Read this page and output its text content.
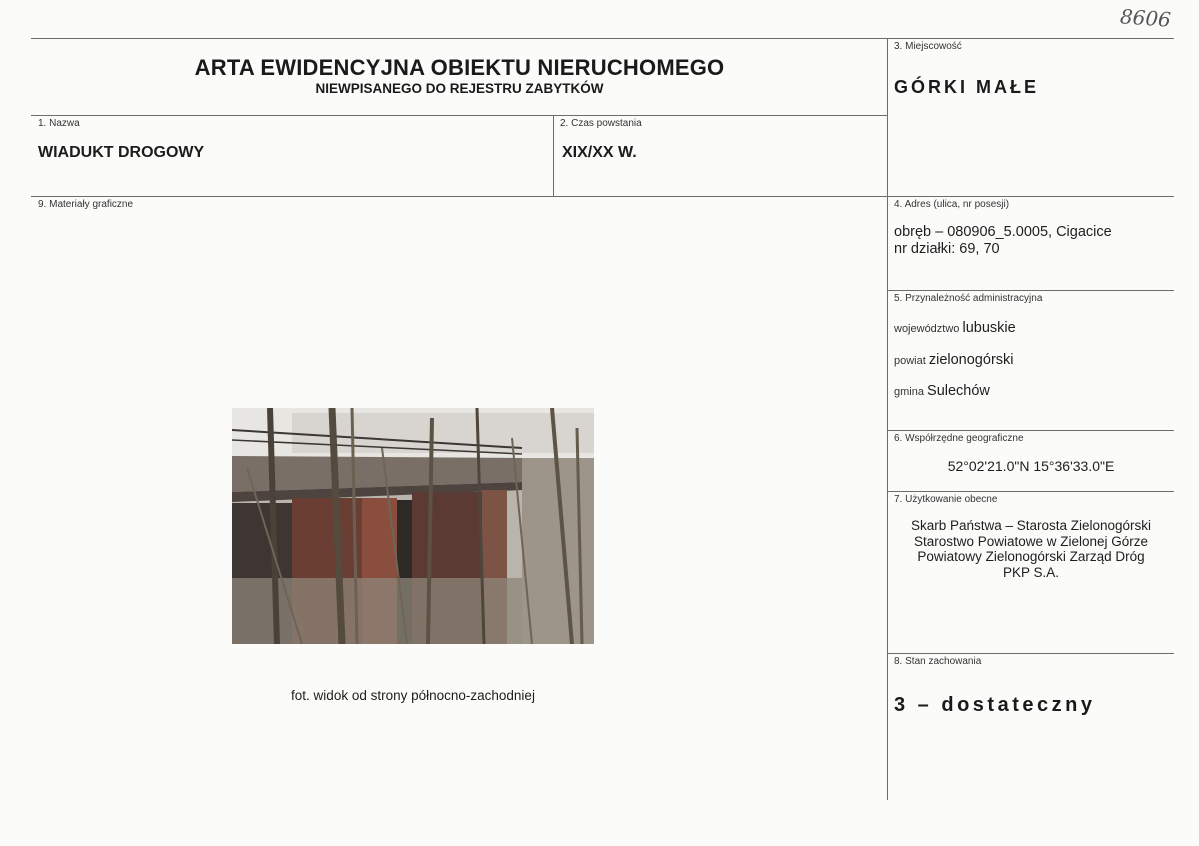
8606
ARTA EWIDENCYJNA OBIEKTU NIERUCHOMEGO
NIEWPISANEGO DO REJESTRU ZABYTKÓW
1. Nazwa
WIADUKT DROGOWY
2. Czas powstania
XIX/XX W.
3. Miejscowość
GÓRKI MAŁE
4. Adres (ulica, nr posesji)
obręb – 080906_5.0005, Cigacice
nr działki: 69, 70
5. Przynależność administracyjna
województwo lubuskie
powiat zielonogórski
gmina Sulechów
6. Współrzędne geograficzne
52°02'21.0"N 15°36'33.0"E
7. Użytkowanie obecne
Skarb Państwa – Starosta Zielonogórski
Starostwo Powiatowe w Zielonej Górze
Powiatowy Zielonogórski Zarząd Dróg
PKP S.A.
8. Stan zachowania
3 – dostateczny
9. Materiały graficzne
fot. widok od strony północno-zachodniej
